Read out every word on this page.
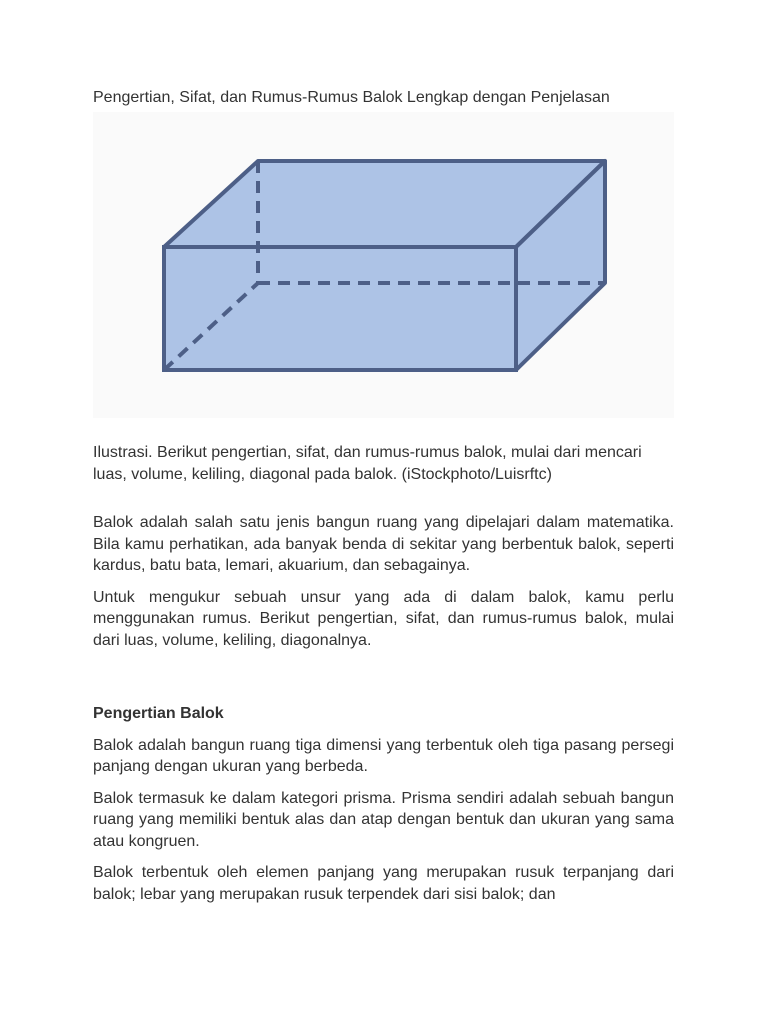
Pengertian, Sifat, dan Rumus-Rumus Balok Lengkap dengan Penjelasan

Ilustrasi. Berikut pengertian, sifat, dan rumus-rumus balok, mulai dari mencari luas, volume, keliling, diagonal pada balok. (iStockphoto/Luisrftc)

Balok adalah salah satu jenis bangun ruang yang dipelajari dalam matematika. Bila kamu perhatikan, ada banyak benda di sekitar yang berbentuk balok, seperti kardus, batu bata, lemari, akuarium, dan sebagainya.

Untuk mengukur sebuah unsur yang ada di dalam balok, kamu perlu menggunakan rumus. Berikut pengertian, sifat, dan rumus-rumus balok, mulai dari luas, volume, keliling, diagonalnya.

Pengertian Balok

Balok adalah bangun ruang tiga dimensi yang terbentuk oleh tiga pasang persegi panjang dengan ukuran yang berbeda.

Balok termasuk ke dalam kategori prisma. Prisma sendiri adalah sebuah bangun ruang yang memiliki bentuk alas dan atap dengan bentuk dan ukuran yang sama atau kongruen.

Balok terbentuk oleh elemen panjang yang merupakan rusuk terpanjang dari balok; lebar yang merupakan rusuk terpendek dari sisi balok; dan
